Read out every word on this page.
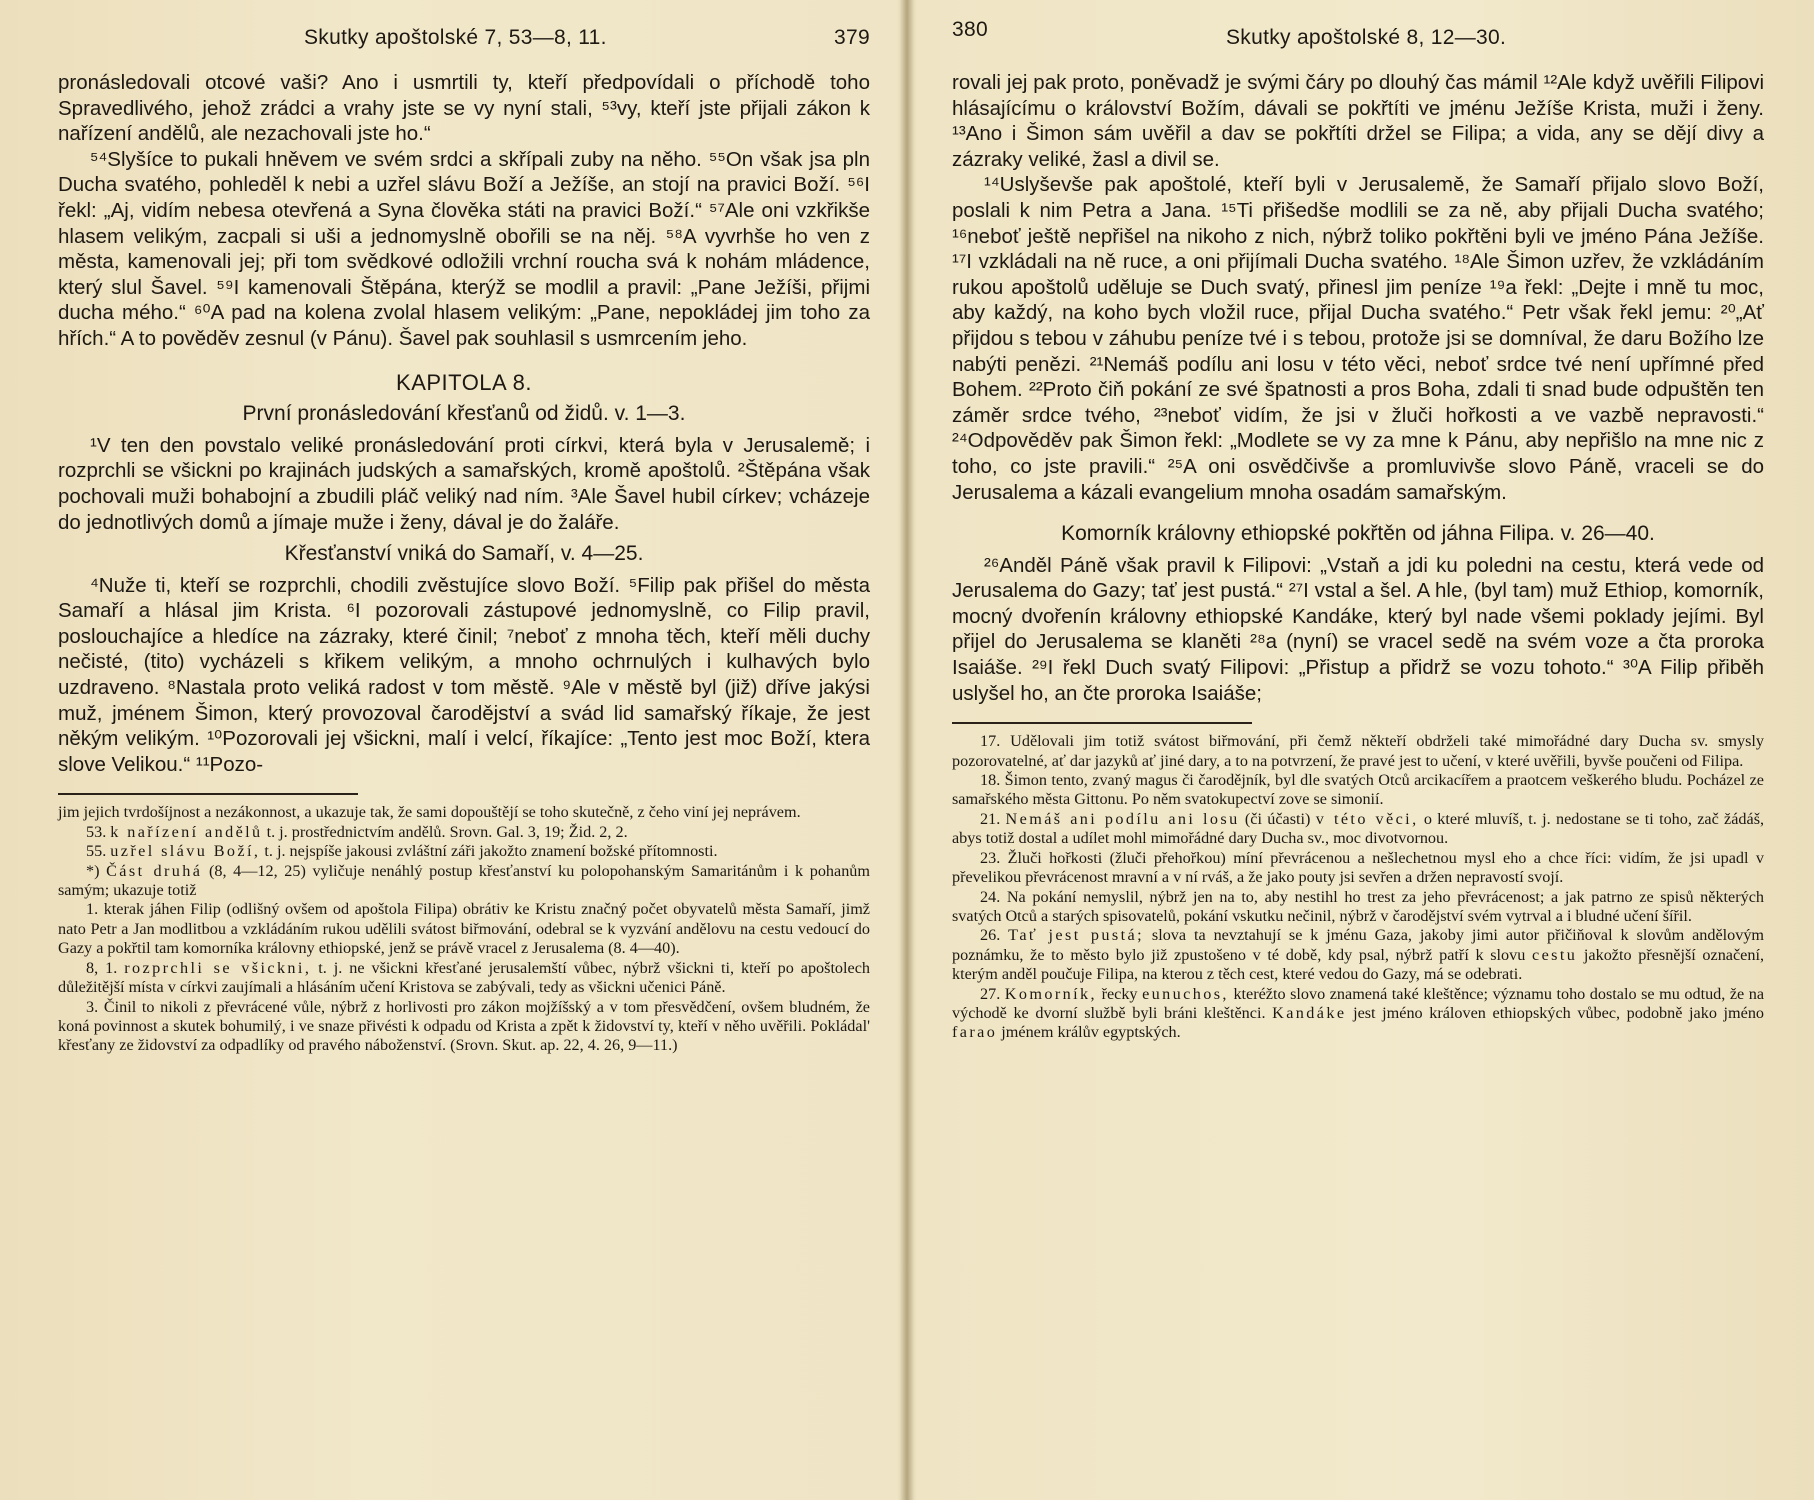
Skutky apoštolské 7, 53—8, 11.	379

pronásledovali otcové vaši? Ano i usmrtili ty, kteří předpovídali o příchodě toho Spravedlivého, jehož zrádci a vrahy jste se vy nyní stali, ⁵³vy, kteří jste přijali zákon k nařízení andělů, ale nezachovali jste ho.“

⁵⁴Slyšíce to pukali hněvem ve svém srdci a skřípali zuby na něho. ⁵⁵On však jsa pln Ducha svatého, pohleděl k nebi a uzřel slávu Boží a Ježíše, an stojí na pravici Boží. ⁵⁶I řekl: „Aj, vidím nebesa otevřená a Syna člověka státi na pravici Boží.“ ⁵⁷Ale oni vzkřikše hlasem velikým, zacpali si uši a jednomyslně obořili se na něj. ⁵⁸A vyvrhše ho ven z města, kamenovali jej; při tom svědkové odložili vrchní roucha svá k nohám mládence, který slul Šavel. ⁵⁹I kamenovali Štěpána, kterýž se modlil a pravil: „Pane Ježíši, přijmi ducha mého.“ ⁶⁰A pad na kolena zvolal hlasem velikým: „Pane, nepokládej jim toho za hřích.“ A to pověděv zesnul (v Pánu). Šavel pak souhlasil s usmrcením jeho.

KAPITOLA 8.
První pronásledování křesťanů od židů. v. 1—3.

¹V ten den povstalo veliké pronásledování proti církvi, která byla v Jerusalemě; i rozprchli se všickni po krajinách judských a samařských, kromě apoštolů. ²Štěpána však pochovali muži bohabojní a zbudili pláč veliký nad ním. ³Ale Šavel hubil církev; vcházeje do jednotlivých domů a jímaje muže i ženy, dával je do žaláře.

Křesťanství vniká do Samaří, v. 4—25.

⁴Nuže ti, kteří se rozprchli, chodili zvěstujíce slovo Boží. ⁵Filip pak přišel do města Samaří a hlásal jim Krista. ⁶I pozorovali zástupové jednomyslně, co Filip pravil, poslouchajíce a hledíce na zázraky, které činil; ⁷neboť z mnoha těch, kteří měli duchy nečisté, (tito) vycházeli s křikem velikým, a mnoho ochrnulých i kulhavých bylo uzdraveno. ⁸Nastala proto veliká radost v tom městě. ⁹Ale v městě byl (již) dříve jakýsi muž, jménem Šimon, který provozoval čarodějství a svád lid samařský říkaje, že jest někým velikým. ¹⁰Pozorovali jej všickni, malí i velcí, říkajíce: „Tento jest moc Boží, ktera slove Velikou.“ ¹¹Pozo-

jim jejich tvrdošíjnost a nezákonnost, a ukazuje tak, že sami dopouštějí se toho skutečně, z čeho viní jej neprávem.

53. k nařízení andělů t. j. prostřednictvím andělů. Srovn. Gal. 3, 19; Žid. 2, 2.

55. uzřel slávu Boží, t. j. nejspíše jakousi zvláštní záři jakožto znamení božské přítomnosti.

*) Část druhá (8, 4—12, 25) vyličuje nenáhlý postup křesťanství ku polopohanským Samaritánům i k pohanům samým; ukazuje totiž

1. kterak jáhen Filip (odlišný ovšem od apoštola Filipa) obrátiv ke Kristu značný počet obyvatelů města Samaří, jimž nato Petr a Jan modlitbou a vzkládáním rukou udělili svátost biřmování, odebral se k vyzvání andělovu na cestu vedoucí do Gazy a pokřtil tam komorníka královny ethiopské, jenž se právě vracel z Jerusalema (8. 4—40).

8, 1. rozprchli se všickni, t. j. ne všickni křesťané jerusalemští vůbec, nýbrž všickni ti, kteří po apoštolech důležitější místa v církvi zaujímali a hlásáním učení Kristova se zabývali, tedy as všickni učenici Páně.

3. Činil to nikoli z převrácené vůle, nýbrž z horlivosti pro zákon mojžíšský a v tom přesvědčení, ovšem bludném, že koná povinnost a skutek bohumilý, i ve snaze přivésti k odpadu od Krista a zpět k židovství ty, kteří v něho uvěřili. Pokládal' křesťany ze židovství za odpadlíky od pravého náboženství. (Srovn. Skut. ap. 22, 4. 26, 9—11.)

380	Skutky apoštolské 8, 12—30.

rovali jej pak proto, poněvadž je svými čáry po dlouhý čas mámil ¹²Ale když uvěřili Filipovi hlásajícímu o království Božím, dávali se pokřtíti ve jménu Ježíše Krista, muži i ženy. ¹³Ano i Šimon sám uvěřil a dav se pokřtíti držel se Filipa; a vida, any se dějí divy a zázraky veliké, žasl a divil se.

¹⁴Uslyševše pak apoštolé, kteří byli v Jerusalemě, že Samaří přijalo slovo Boží, poslali k nim Petra a Jana. ¹⁵Ti přišedše modlili se za ně, aby přijali Ducha svatého; ¹⁶neboť ještě nepřišel na nikoho z nich, nýbrž toliko pokřtěni byli ve jméno Pána Ježíše. ¹⁷I vzkládali na ně ruce, a oni přijímali Ducha svatého. ¹⁸Ale Šimon uzřev, že vzkládáním rukou apoštolů uděluje se Duch svatý, přinesl jim peníze ¹⁹a řekl: „Dejte i mně tu moc, aby každý, na koho bych vložil ruce, přijal Ducha svatého.“ Petr však řekl jemu: ²⁰„Ať přijdou s tebou v záhubu peníze tvé i s tebou, protože jsi se domníval, že daru Božího lze nabýti penězi. ²¹Nemáš podílu ani losu v této věci, neboť srdce tvé není upřímné před Bohem. ²²Proto čiň pokání ze své špatnosti a pros Boha, zdali ti snad bude odpuštěn ten záměr srdce tvého, ²³neboť vidím, že jsi v žluči hořkosti a ve vazbě nepravosti.“ ²⁴Odpověděv pak Šimon řekl: „Modlete se vy za mne k Pánu, aby nepřišlo na mne nic z toho, co jste pravili.“ ²⁵A oni osvědčivše a promluvivše slovo Páně, vraceli se do Jerusalema a kázali evangelium mnoha osadám samařským.

Komorník královny ethiopské pokřtěn od jáhna Filipa. v. 26—40.

²⁶Anděl Páně však pravil k Filipovi: „Vstaň a jdi ku poledni na cestu, která vede od Jerusalema do Gazy; tať jest pustá.“ ²⁷I vstal a šel. A hle, (byl tam) muž Ethiop, komorník, mocný dvořenín královny ethiopské Kandáke, který byl nade všemi poklady jejími. Byl přijel do Jerusalema se klaněti ²⁸a (nyní) se vracel sedě na svém voze a čta proroka Isaiáše. ²⁹I řekl Duch svatý Filipovi: „Přistup a přidrž se vozu tohoto.“ ³⁰A Filip přiběh uslyšel ho, an čte proroka Isaiáše;

17. Udělovali jim totiž svátost biřmování, při čemž někteří obdrželi také mimořádné dary Ducha sv. smysly pozorovatelné, ať dar jazyků ať jiné dary, a to na potvrzení, že pravé jest to učení, v které uvěřili, byvše poučeni od Filipa.

18. Šimon tento, zvaný magus či čarodějník, byl dle svatých Otců arcikacířem a praotcem veškerého bludu. Pocházel ze samařského města Gittonu. Po něm svatokupectví zove se simonií.

21. Nemáš ani podílu ani losu (či účasti) v této věci, o které mluvíš, t. j. nedostane se ti toho, zač žádáš, abys totiž dostal a udílet mohl mimořádné dary Ducha sv., moc divotvornou.

23. Žluči hořkosti (žluči přehořkou) míní převrácenou a nešlechetnou mysl eho a chce říci: vidím, že jsi upadl v převelikou převrácenost mravní a v ní rváš, a že jako pouty jsi sevřen a držen nepravostí svojí.

24. Na pokání nemyslil, nýbrž jen na to, aby nestihl ho trest za jeho převrácenost; a jak patrno ze spisů některých svatých Otců a starých spisovatelů, pokání vskutku nečinil, nýbrž v čarodějství svém vytrval a i bludné učení šířil.

26. Tať jest pustá; slova ta nevztahují se k jménu Gaza, jakoby jimi autor přičiňoval k slovům andělovým poznámku, že to město bylo již zpustošeno v té době, kdy psal, nýbrž patří k slovu cestu jakožto přesnější označení, kterým anděl poučuje Filipa, na kterou z těch cest, které vedou do Gazy, má se odebrati.

27. Komorník, řecky eunuchos, kteréžto slovo znamená také kleštěnce; významu toho dostalo se mu odtud, že na východě ke dvorní službě byli bráni kleštěnci. Kandáke jest jméno královen ethiopských vůbec, podobně jako jméno farao jménem králův egyptských.
